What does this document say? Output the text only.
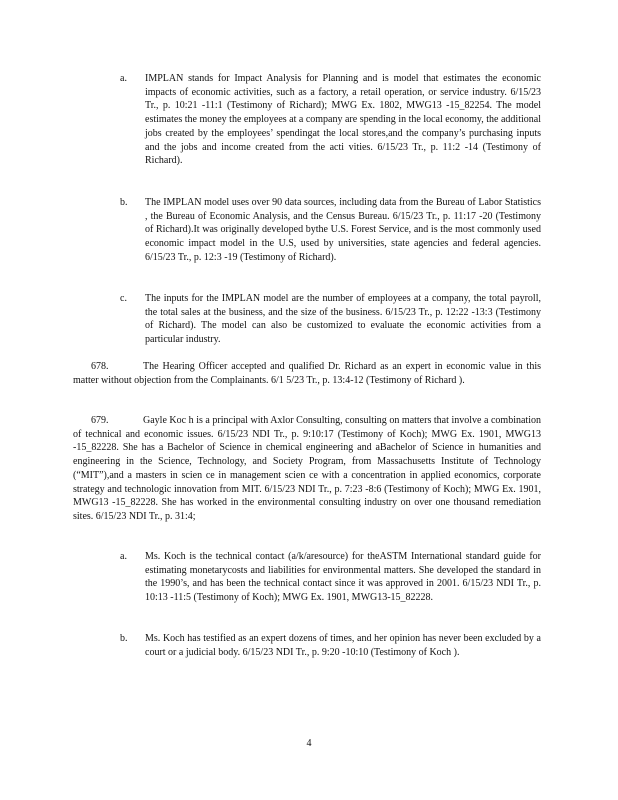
a.	IMPLAN stands for Impact Analysis for Planning and is model that estimates the economic impacts of economic activities, such as a factory, a retail operation, or service industry. 6/15/23 Tr., p. 10:21 -11:1 (Testimony of Richard); MWG Ex. 1802, MWG13 -15_82254. The model estimates the money the employees at a company are spending in the local economy, the additional jobs created by the employees’ spendingat the local stores,and the company’s purchasing inputs and the jobs and income created from the acti vities. 6/15/23 Tr., p. 11:2 -14 (Testimony of Richard).
b.	The IMPLAN model uses over 90 data sources, including data from the Bureau of Labor Statistics , the Bureau of Economic Analysis, and the Census Bureau. 6/15/23 Tr., p. 11:17 -20 (Testimony of Richard).It was originally developed bythe U.S. Forest Service, and is the most commonly used economic impact model in the U.S, used by universities, state agencies and federal agencies. 6/15/23 Tr., p. 12:3 -19 (Testimony of Richard).
c.	The inputs for the IMPLAN model are the number of employees at a company, the total payroll, the total sales at the business, and the size of the business. 6/15/23 Tr., p. 12:22 -13:3 (Testimony of Richard). The model can also be customized to evaluate the economic activities from a particular industry.
678.	The Hearing Officer accepted and qualified Dr. Richard as an expert in economic value in this matter without objection from the Complainants. 6/1 5/23 Tr., p. 13:4-12 (Testimony of Richard ).
679.	Gayle Koc h is a principal with Axlor Consulting, consulting on matters that involve a combination of technical and economic issues. 6/15/23 NDI Tr., p. 9:10:17 (Testimony of Koch); MWG Ex. 1901, MWG13 -15_82228. She has a Bachelor of Science in chemical engineering and aBachelor of Science in humanities and engineering in the Science, Technology, and Society Program, from Massachusetts Institute of Technology (“MIT”),and a masters in scien ce in management scien ce with a concentration in applied economics, corporate strategy and technologic innovation from MIT. 6/15/23 NDI Tr., p. 7:23 -8:6 (Testimony of Koch); MWG Ex. 1901, MWG13 -15_82228. She has worked in the environmental consulting industry on over one thousand remediation sites. 6/15/23 NDI Tr., p. 31:4;
a.	Ms. Koch is the technical contact (a/k/aresource) for theASTM International standard guide for estimating monetarycosts and liabilities for environmental matters. She developed the standard in the 1990’s, and has been the technical contact since it was approved in 2001. 6/15/23 NDI Tr., p. 10:13 -11:5 (Testimony of Koch); MWG Ex. 1901, MWG13-15_82228.
b.	Ms. Koch has testified as an expert dozens of times, and her opinion has never been excluded by a court or a judicial body. 6/15/23 NDI Tr., p. 9:20 -10:10 (Testimony of Koch ).
4
